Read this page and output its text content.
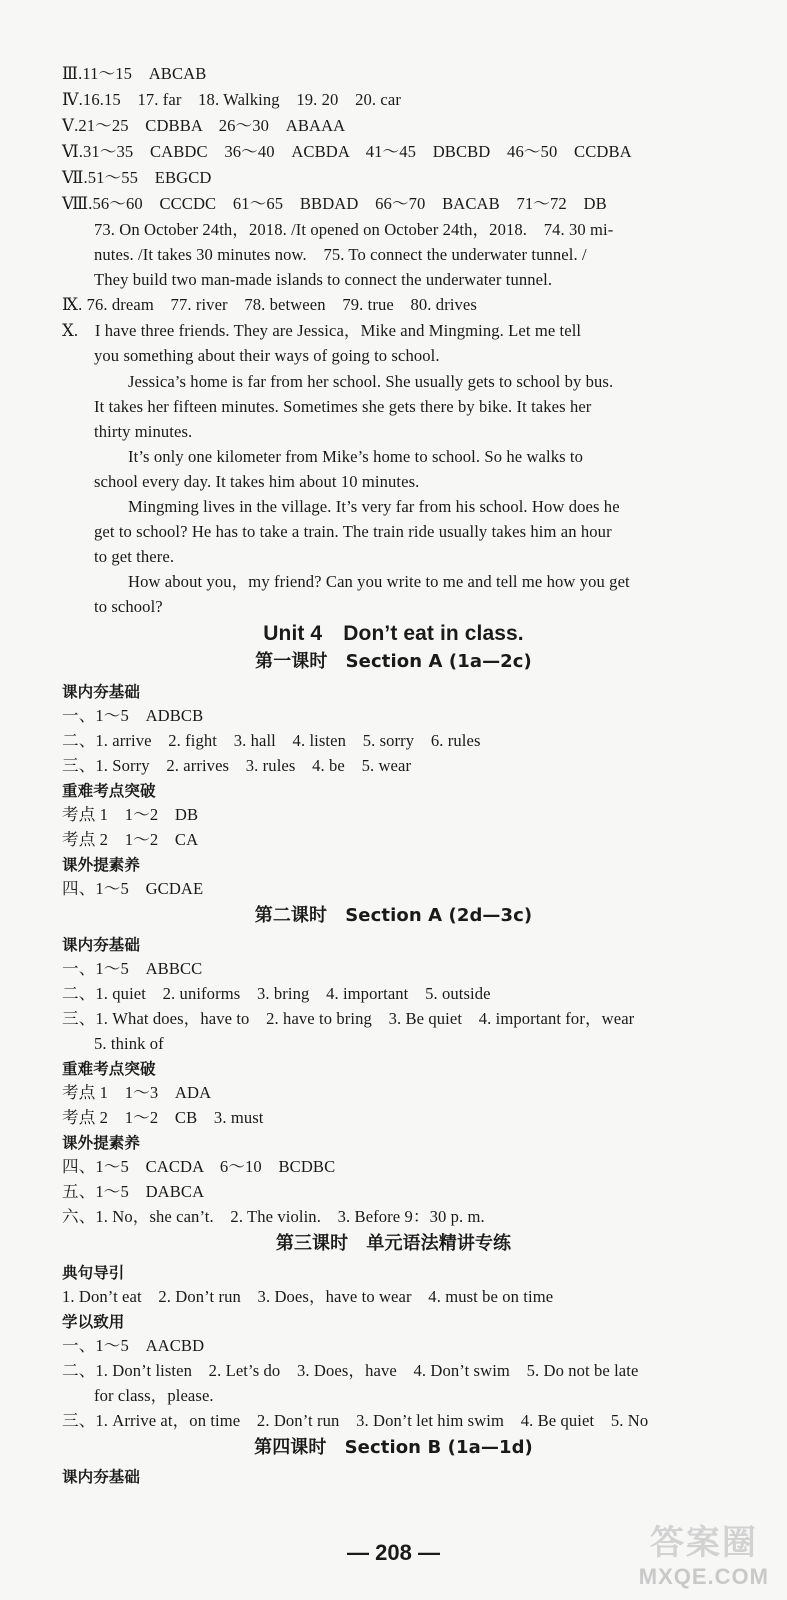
Ⅲ.11～15　ABCAB
Ⅳ.16.15　17. far　18. Walking　19. 20　20. car
Ⅴ.21～25　CDBBA　26～30　ABAAA
Ⅵ.31～35　CABDC　36～40　ACBDA　41～45　DBCBD　46～50　CCDBA
Ⅶ.51～55　EBGCD
Ⅷ.56～60　CCCDC　61～65　BBDAD　66～70　BACAB　71～72　DB
73. On October 24th，2018. /It opened on October 24th，2018.　74. 30 mi-
nutes. /It takes 30 minutes now.　75. To connect the underwater tunnel. /
They build two man-made islands to connect the underwater tunnel.
Ⅸ. 76. dream　77. river　78. between　79. true　80. drives
Ⅹ.　I have three friends. They are Jessica，Mike and Mingming. Let me tell
you something about their ways of going to school.
Jessica’s home is far from her school. She usually gets to school by bus.
It takes her fifteen minutes. Sometimes she gets there by bike. It takes her
thirty minutes.
It’s only one kilometer from Mike’s home to school. So he walks to
school every day. It takes him about 10 minutes.
Mingming lives in the village. It’s very far from his school. How does he
get to school? He has to take a train. The train ride usually takes him an hour
to get there.
How about you，my friend? Can you write to me and tell me how you get
to school?
Unit 4　Don’t eat in class.
第一课时　Section A (1a—2c)
课内夯基础
一、1～5　ADBCB
二、1. arrive　2. fight　3. hall　4. listen　5. sorry　6. rules
三、1. Sorry　2. arrives　3. rules　4. be　5. wear
重难考点突破
考点 1　1～2　DB
考点 2　1～2　CA
课外提素养
四、1～5　GCDAE
第二课时　Section A (2d—3c)
课内夯基础
一、1～5　ABBCC
二、1. quiet　2. uniforms　3. bring　4. important　5. outside
三、1. What does，have to　2. have to bring　3. Be quiet　4. important for，wear
5. think of
重难考点突破
考点 1　1～3　ADA
考点 2　1～2　CB　3. must
课外提素养
四、1～5　CACDA　6～10　BCDBC
五、1～5　DABCA
六、1. No，she can’t.　2. The violin.　3. Before 9：30 p. m.
第三课时　单元语法精讲专练
典句导引
1. Don’t eat　2. Don’t run　3. Does，have to wear　4. must be on time
学以致用
一、1～5　AACBD
二、1. Don’t listen　2. Let’s do　3. Does，have　4. Don’t swim　5. Do not be late
for class，please.
三、1. Arrive at，on time　2. Don’t run　3. Don’t let him swim　4. Be quiet　5. No
第四课时　Section B (1a—1d)
课内夯基础
— 208 —	答案圈
MXQE.COM
